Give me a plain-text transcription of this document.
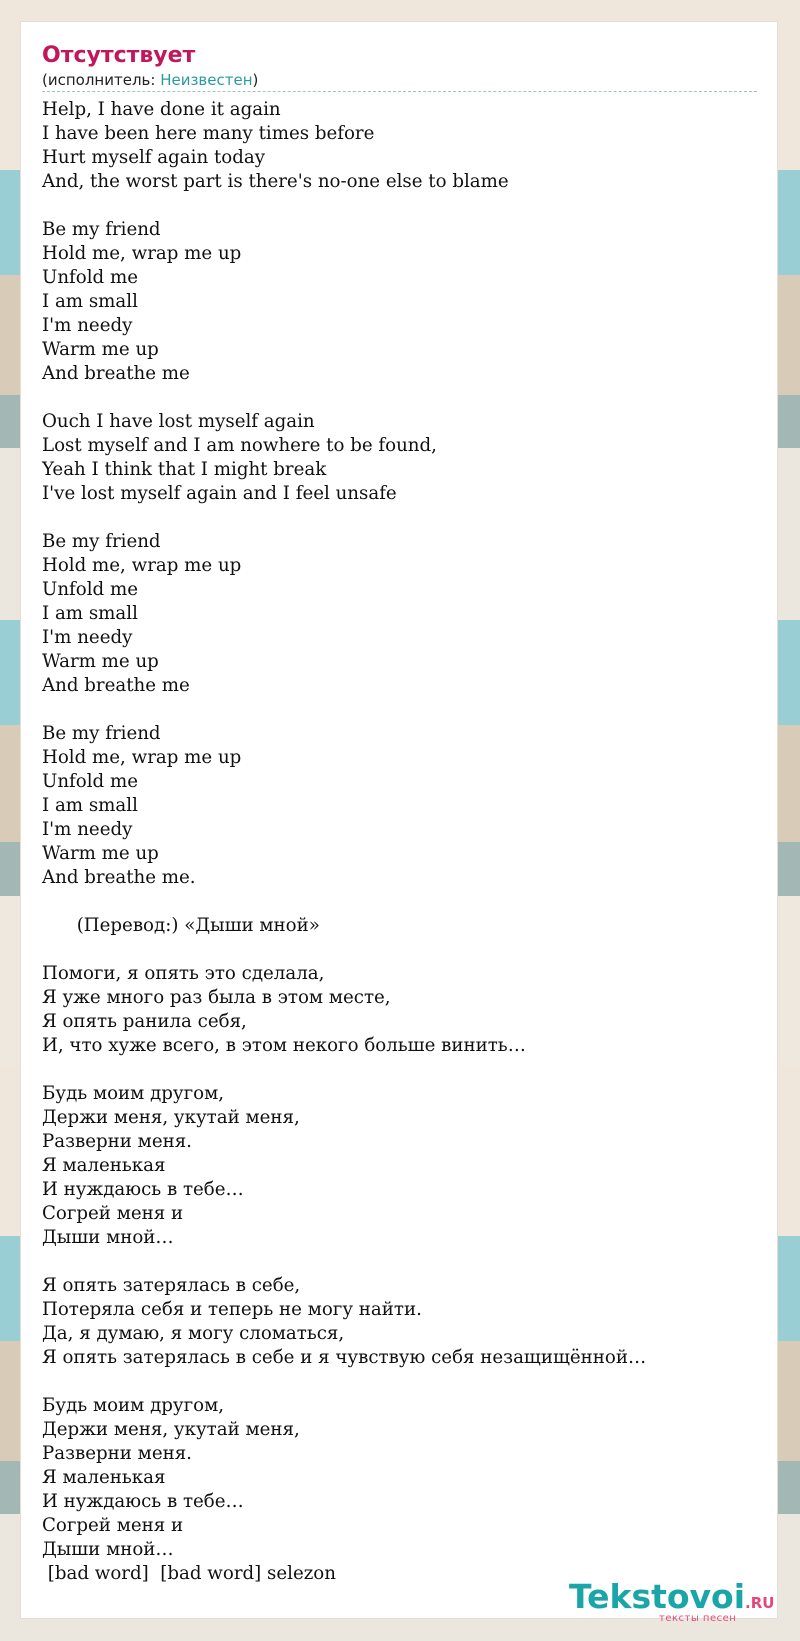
Отсутствует
(исполнитель: Неизвестен)
Help, I have done it again
I have been here many times before
Hurt myself again today
And, the worst part is there's no-one else to blame
Be my friend
Hold me, wrap me up
Unfold me
I am small
I'm needy
Warm me up
And breathe me
Ouch I have lost myself again
Lost myself and I am nowhere to be found,
Yeah I think that I might break
I've lost myself again and I feel unsafe
Be my friend
Hold me, wrap me up
Unfold me
I am small
I'm needy
Warm me up
And breathe me
Be my friend
Hold me, wrap me up
Unfold me
I am small
I'm needy
Warm me up
And breathe me.
(Перевод:) «Дыши мной»
Помоги, я опять это сделала,
Я уже много раз была в этом месте,
Я опять ранила себя,
И, что хуже всего, в этом некого больше винить…
Будь моим другом,
Держи меня, укутай меня,
Разверни меня.
Я маленькая
И нуждаюсь в тебе…
Согрей меня и
Дыши мной…
Я опять затерялась в себе,
Потеряла себя и теперь не могу найти.
Да, я думаю, я могу сломаться,
Я опять затерялась в себе и я чувствую себя незащищённой…
Будь моим другом,
Держи меня, укутай меня,
Разверни меня.
Я маленькая
И нуждаюсь в тебе…
Согрей меня и
Дыши мной…
[bad word]  [bad word] selezon
Tekstovoi.RU
тексты песен
